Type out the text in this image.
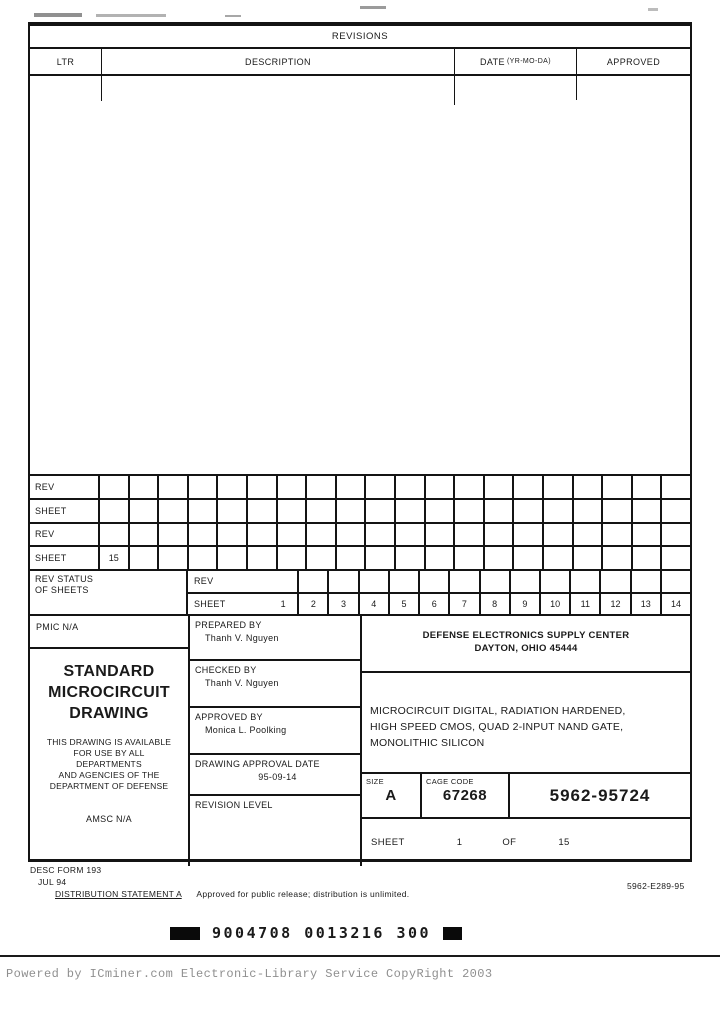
REVISIONS
LTR	DESCRIPTION	DATE (YR-MO-DA)	APPROVED
REV
SHEET
REV
SHEET	15
REV STATUS
OF SHEETS
REV
SHEET	1	2	3	4	5	6	7	8	9	10	11	12	13	14
PMIC N/A
STANDARD
MICROCIRCUIT
DRAWING
THIS DRAWING IS AVAILABLE
FOR USE BY ALL
DEPARTMENTS
AND AGENCIES OF THE
DEPARTMENT OF DEFENSE
AMSC N/A
PREPARED BY
Thanh V. Nguyen
CHECKED BY
Thanh V. Nguyen
APPROVED BY
Monica L. Poolking
DRAWING APPROVAL DATE
95-09-14
REVISION LEVEL
DEFENSE ELECTRONICS SUPPLY CENTER
DAYTON, OHIO 45444
MICROCIRCUIT DIGITAL, RADIATION HARDENED,
HIGH SPEED CMOS, QUAD 2-INPUT NAND GATE,
MONOLITHIC SILICON
SIZE
A
CAGE CODE
67268	5962-95724
SHEET	1	OF	15
DESC FORM 193
JUL 94
DISTRIBUTION STATEMENT A Approved for public release; distribution is unlimited.
5962-E289-95
9004708 0013216 300
Powered by ICminer.com Electronic-Library Service CopyRight 2003
